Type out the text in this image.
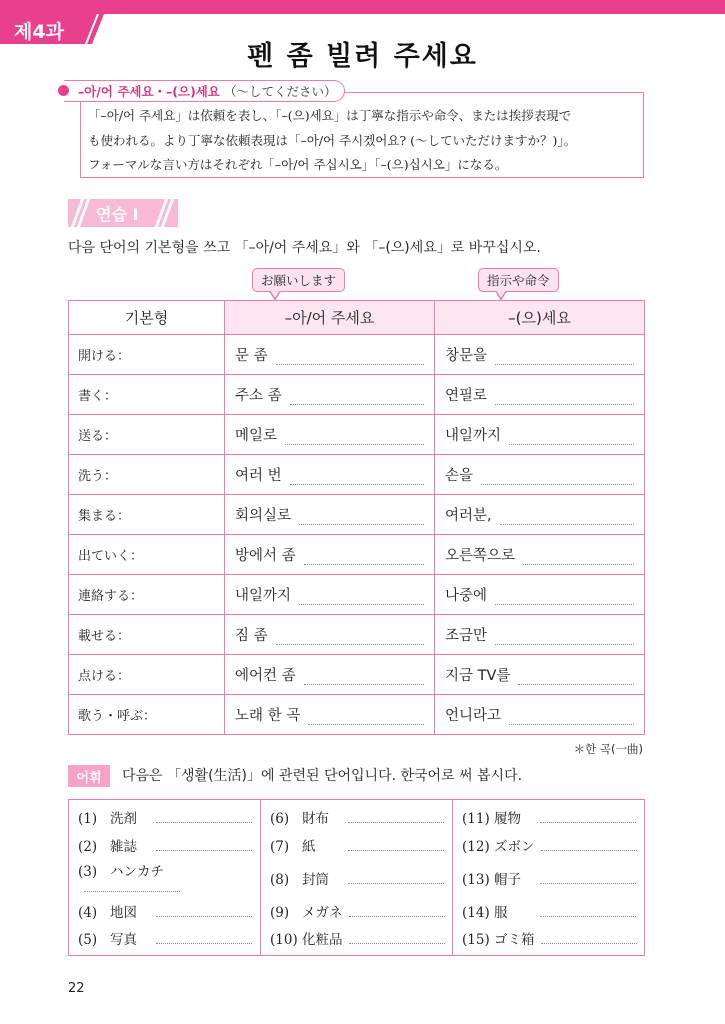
제4과
펜 좀 빌려 주세요
–아/어 주세요・–(으)세요 （～してください）
「–아/어 주세요」は依頼を表し、「–(으)세요」は丁寧な指示や命令、または挨拶表現で
も使われる。より丁寧な依頼表現は「–아/어 주시겠어요? (～していただけますか？)」。
フォーマルな言い方はそれぞれ「–아/어 주십시오」「–(으)십시오」になる。
연습 I
다음 단어의 기본형을 쓰고 「–아/어 주세요」와 「–(으)세요」로 바꾸십시오.
お願いします	指示や命令
기본형	–아/어 주세요	–(으)세요
開ける：	문 좀	창문을

書く：	주소 좀	연필로

送る：	메일로	내일까지

洗う：	여러 번	손을

集まる：	회의실로	여러분,

出ていく：	방에서 좀	오른쪽으로

連絡する：	내일까지	나중에

載せる：	짐 좀	조금만

点ける：	에어컨 좀	지금 TV를

歌う・呼ぶ：	노래 한 곡	언니라고
＊한 곡(一曲)
어휘	다음은 「생활(生活)」에 관련된 단어입니다. 한국어로 써 봅시다.
(1) 洗剤	(6) 財布	(11) 履物
(2) 雑誌	(7) 紙	(12) ズボン
(3) ハンカチ	(8) 封筒	(13) 帽子
(4) 地図	(9) メガネ	(14) 服
(5) 写真	(10) 化粧品	(15) ゴミ箱
22
